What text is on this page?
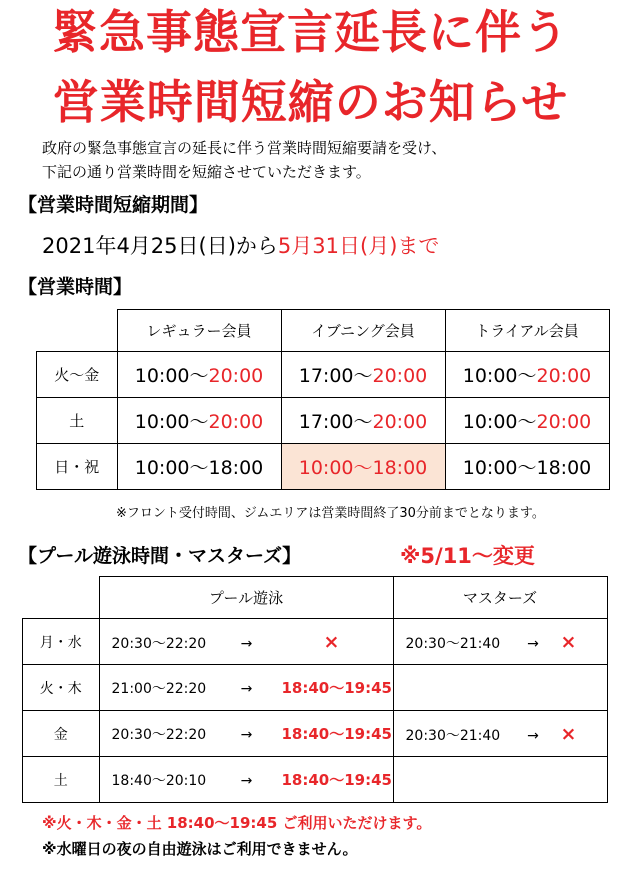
緊急事態宣言延長に伴う
営業時間短縮のお知らせ
政府の緊急事態宣言の延長に伴う営業時間短縮要請を受け、
下記の通り営業時間を短縮させていただきます。
【営業時間短縮期間】
2021年4月25日(日)から5月31日(月)まで
【営業時間】
	レギュラー会員	イブニング会員	トライアル会員
火～金	10:00～20:00	17:00～20:00	10:00～20:00
土	10:00～20:00	17:00～20:00	10:00～20:00
日・祝	10:00～18:00	10:00～18:00	10:00～18:00
※フロント受付時間、ジムエリアは営業時間終了30分前までとなります。
【プール遊泳時間・マスターズ】	※5/11～変更
	プール遊泳	マスターズ
月・水	20:30～22:20 → ×	20:30～21:40 → ×
火・木	21:00～22:20 → 18:40～19:45	
金	20:30～22:20 → 18:40～19:45	20:30～21:40 → ×
土	18:40～20:10 → 18:40～19:45	
※火・木・金・土 18:40～19:45 ご利用いただけます。
※水曜日の夜の自由遊泳はご利用できません。
